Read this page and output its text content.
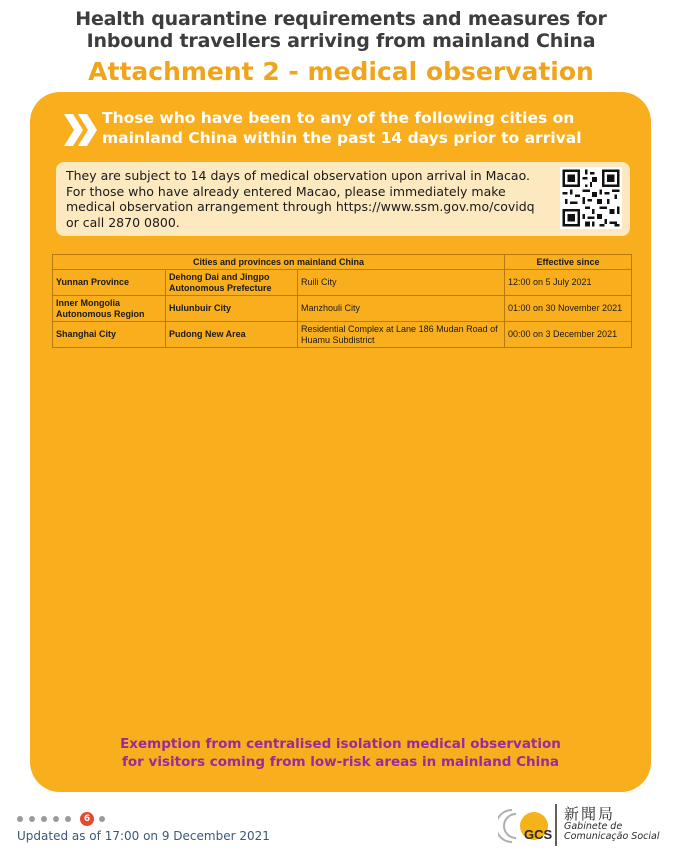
Health quarantine requirements and measures for
Inbound travellers arriving from mainland China
Attachment 2 - medical observation
Those who have been to any of the following cities on
mainland China within the past 14 days prior to arrival
They are subject to 14 days of medical observation upon arrival in Macao.
For those who have already entered Macao, please immediately make
medical observation arrangement through https://www.ssm.gov.mo/covidq
or call 2870 0800.
Cities and provinces on mainland China			Effective since
Yunnan Province	Dehong Dai and Jingpo Autonomous Prefecture	Ruili City	12:00 on 5 July 2021
Inner Mongolia Autonomous Region	Hulunbuir City	Manzhouli City	01:00 on 30 November 2021
Shanghai City	Pudong New Area	Residential Complex at Lane 186 Mudan Road of Huamu Subdistrict	00:00 on 3 December 2021
Exemption from centralised isolation medical observation
for visitors coming from low-risk areas in mainland China
6
Updated as of 17:00 on 9 December 2021	GCS
新聞局
Gabinete de
Comunicação Social
